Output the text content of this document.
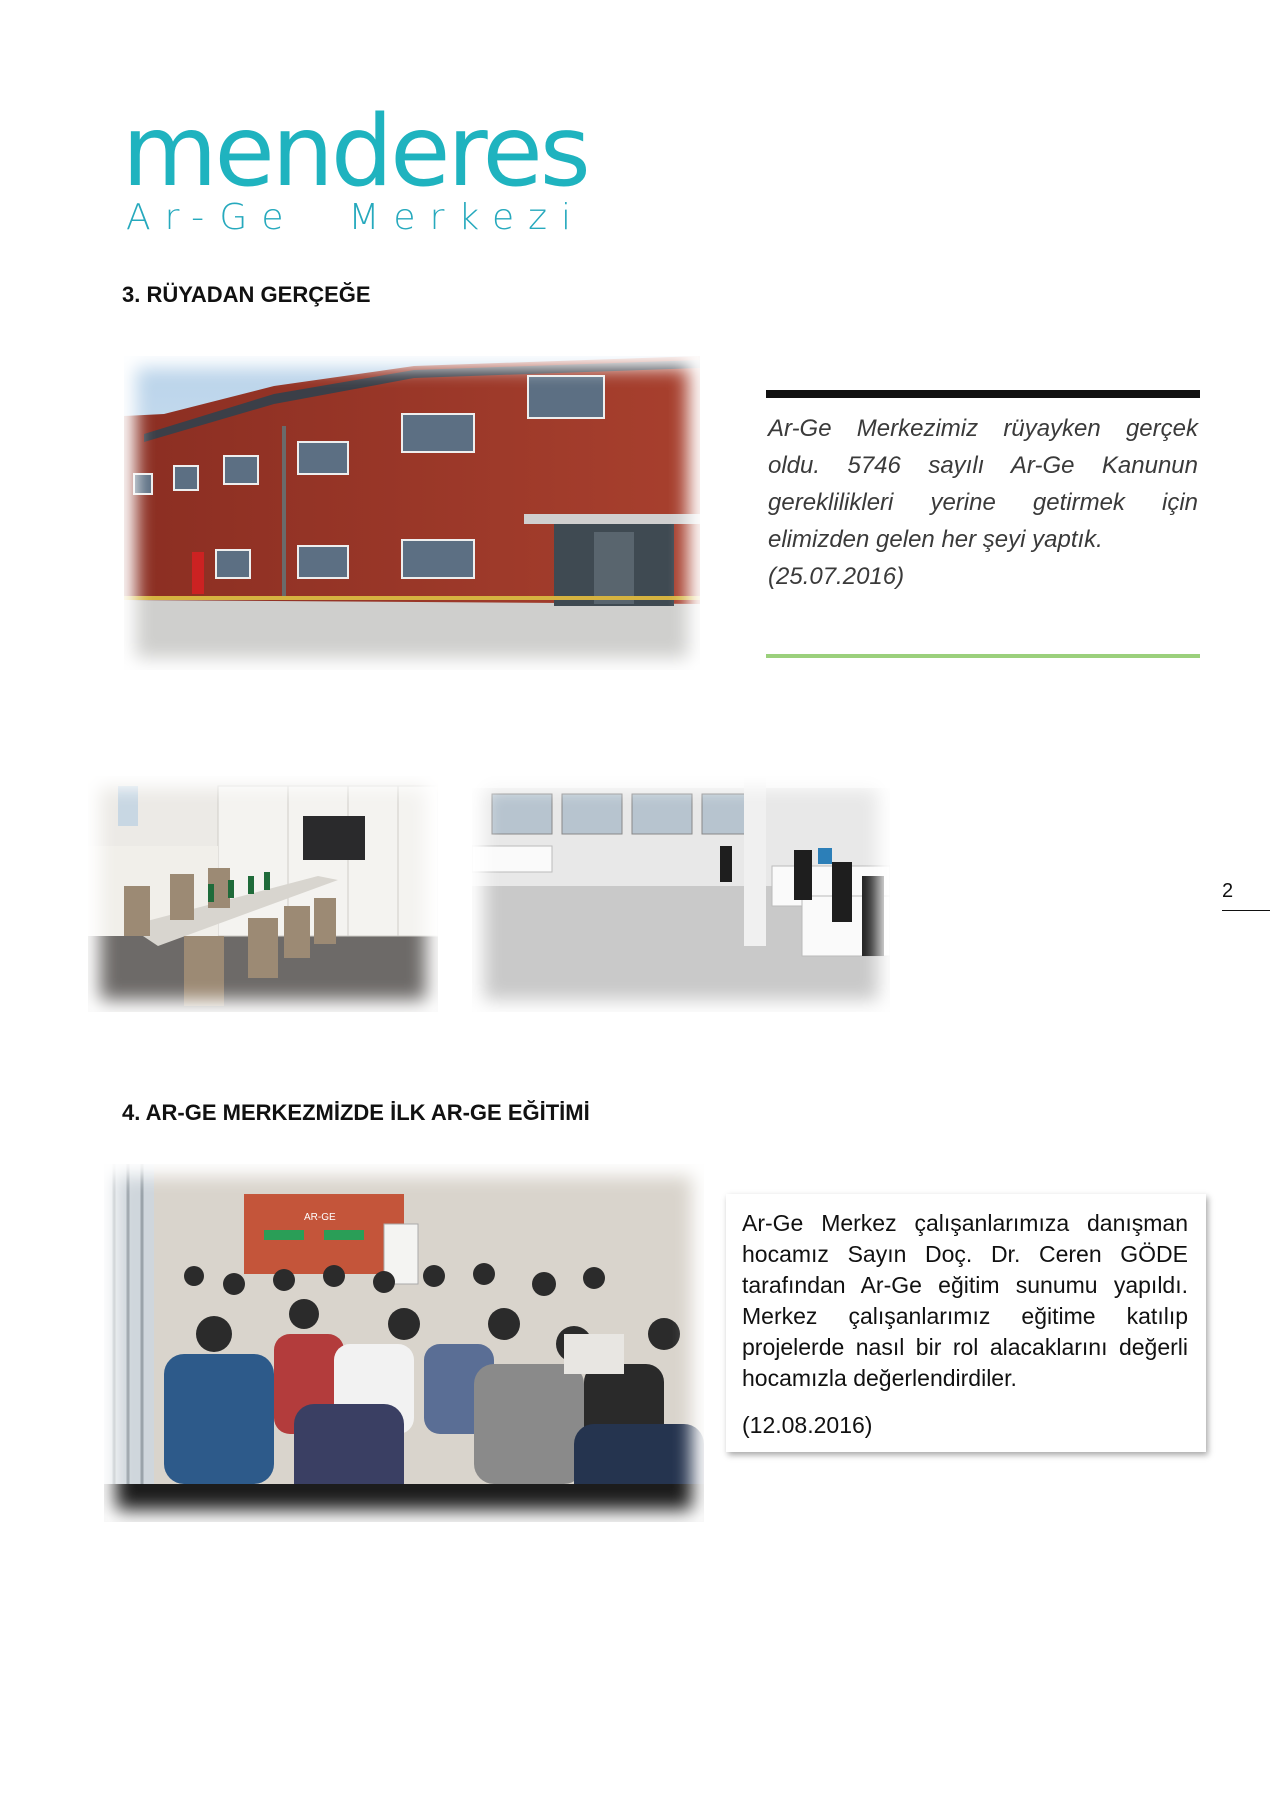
menderes
Ar-Ge  Merkezi
3. RÜYADAN GERÇEĞE
Ar-Ge Merkezimiz rüyayken gerçek
oldu. 5746 sayılı Ar-Ge Kanunun
gereklilikleri yerine getirmek için
elimizden gelen her şeyi yaptık.
(25.07.2016)
2
4. AR-GE MERKEZMİZDE İLK AR-GE EĞİTİMİ
AR-GE	Ar-Ge Merkez çalışanlarımıza danışman
hocamız Sayın Doç. Dr. Ceren GÖDE
tarafından Ar-Ge eğitim sunumu yapıldı.
Merkez çalışanlarımız eğitime katılıp
projelerde nasıl bir rol alacaklarını değerli
hocamızla değerlendirdiler.
(12.08.2016)
